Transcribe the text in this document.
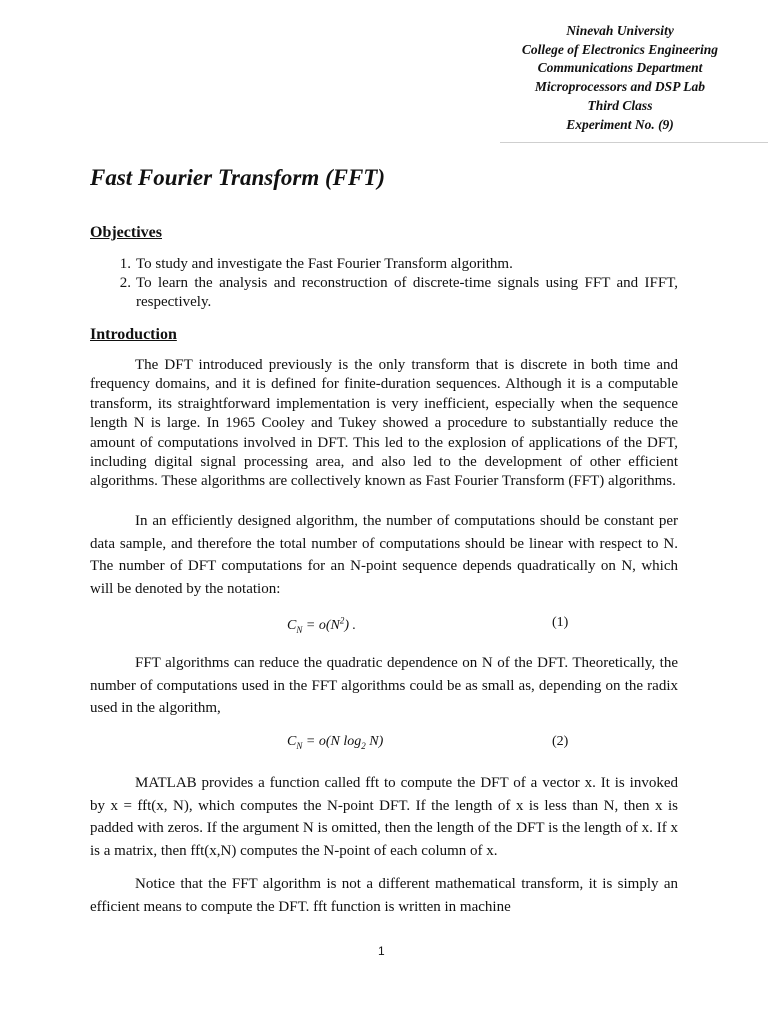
Ninevah University
College of Electronics Engineering
Communications Department
Microprocessors and DSP Lab
Third Class
Experiment No. (9)
Fast Fourier Transform (FFT)
Objectives
1. To study and investigate the Fast Fourier Transform algorithm.
2. To learn the analysis and reconstruction of discrete-time signals using FFT and IFFT, respectively.
Introduction

The DFT introduced previously is the only transform that is discrete in both time and frequency domains, and it is defined for finite-duration sequences. Although it is a computable transform, its straightforward implementation is very inefficient, especially when the sequence length N is large. In 1965 Cooley and Tukey showed a procedure to substantially reduce the amount of computations involved in DFT. This led to the explosion of applications of the DFT, including digital signal processing area, and also led to the development of other efficient algorithms. These algorithms are collectively known as Fast Fourier Transform (FFT) algorithms.

In an efficiently designed algorithm, the number of computations should be constant per data sample, and therefore the total number of computations should be linear with respect to N. The number of DFT computations for an N-point sequence depends quadratically on N, which will be denoted by the notation:

$C_N = o(N^2)$ .	(1)

FFT algorithms can reduce the quadratic dependence on N of the DFT. Theoretically, the number of computations used in the FFT algorithms could be as small as, depending on the radix used in the algorithm,

$C_N = o(N$ $\log_2 N$)	(2)

MATLAB provides a function called fft to compute the DFT of a vector x. It is invoked by x = fft(x, N), which computes the N-point DFT. If the length of x is less than N, then x is padded with zeros. If the argument N is omitted, then the length of the DFT is the length of x. If x is a matrix, then fft(x,N) computes the N-point of each column of x.

Notice that the FFT algorithm is not a different mathematical transform, it is simply an efficient means to compute the DFT. fft function is written in machine

1
